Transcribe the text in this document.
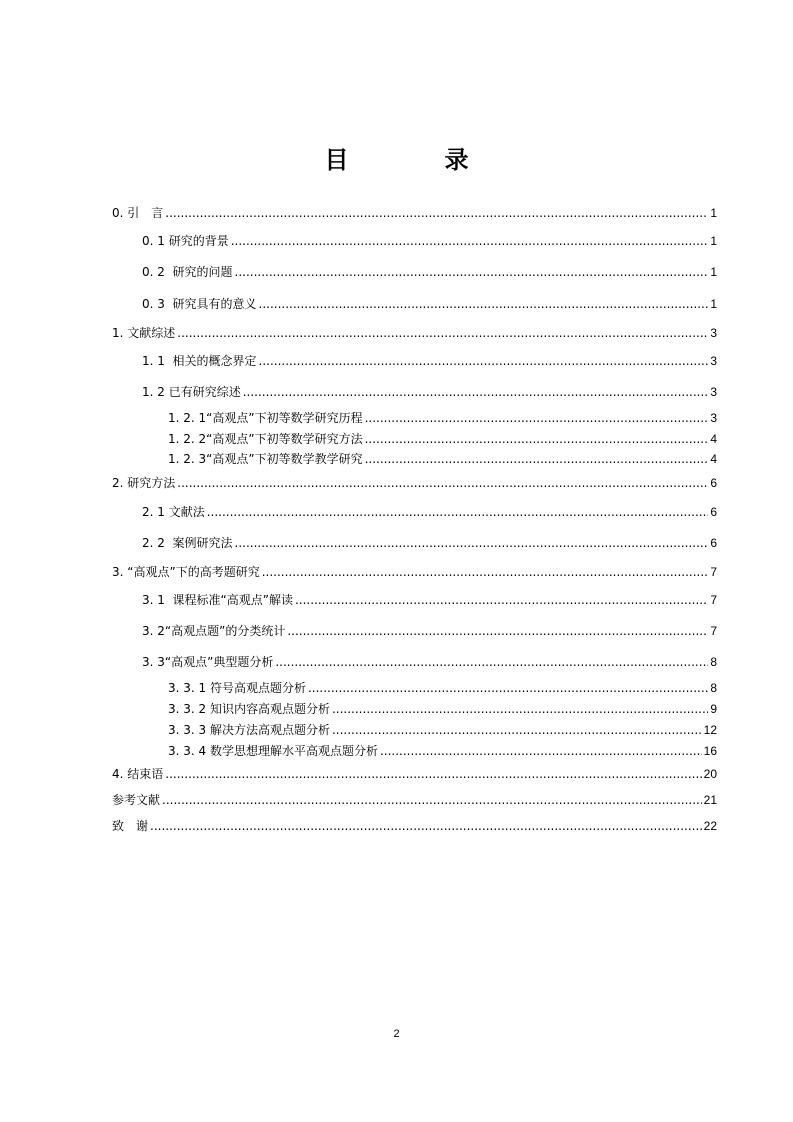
目　录
0. 引　言 .....	1
0. 1 研究的背景 .....	1
0. 2  研究的问题 .....	1
0. 3  研究具有的意义 .....	1
1. 文献综述 .....	3
1. 1  相关的概念界定 .....	3
1. 2 已有研究综述 .....	3
1. 2. 1“高观点”下初等数学研究历程 .....	3
1. 2. 2“高观点”下初等数学研究方法 .....	4
1. 2. 3“高观点”下初等数学教学研究 .....	4
2. 研究方法 .....	6
2. 1 文献法 .....	6
2. 2  案例研究法 .....	6
3. “高观点”下的高考题研究 .....	7
3. 1  课程标准“高观点”解读 .....	7
3. 2“高观点题”的分类统计 .....	7
3. 3“高观点”典型题分析 .....	8
3. 3. 1 符号高观点题分析 .....	8
3. 3. 2 知识内容高观点题分析 .....	9
3. 3. 3 解决方法高观点题分析 .....	12
3. 3. 4 数学思想理解水平高观点题分析 .....	16
4. 结束语 .....	20
参考文献 .....	21
致　谢 .....	22
2
